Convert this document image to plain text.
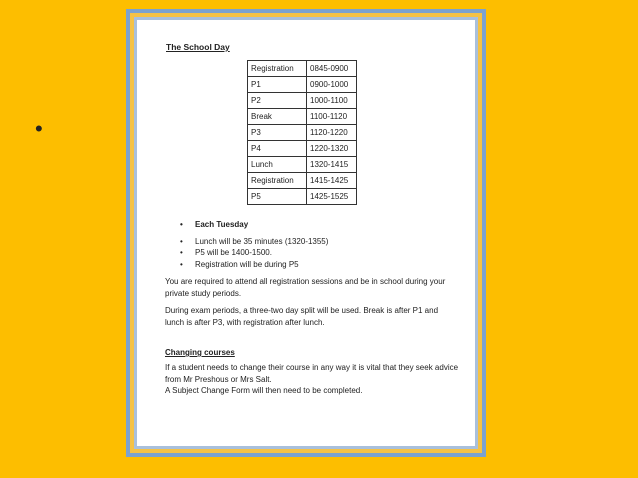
•
The School Day
Registration	0845-0900
P1	0900-1000
P2	1000-1100
Break	1100-1120
P3	1120-1220
P4	1220-1320
Lunch	1320-1415
Registration	1415-1425
P5	1425-1525
• Each Tuesday
• Lunch will be 35 minutes (1320-1355)
• P5 will be 1400-1500.
• Registration will be during P5

You are required to attend all registration sessions and be in school during your private study periods.

During exam periods, a three-two day split will be used. Break is after P1 and lunch is after P3, with registration after lunch.

Changing courses

If a student needs to change their course in any way it is vital that they seek advice from Mr Preshous or Mrs Salt.

A Subject Change Form will then need to be completed.
